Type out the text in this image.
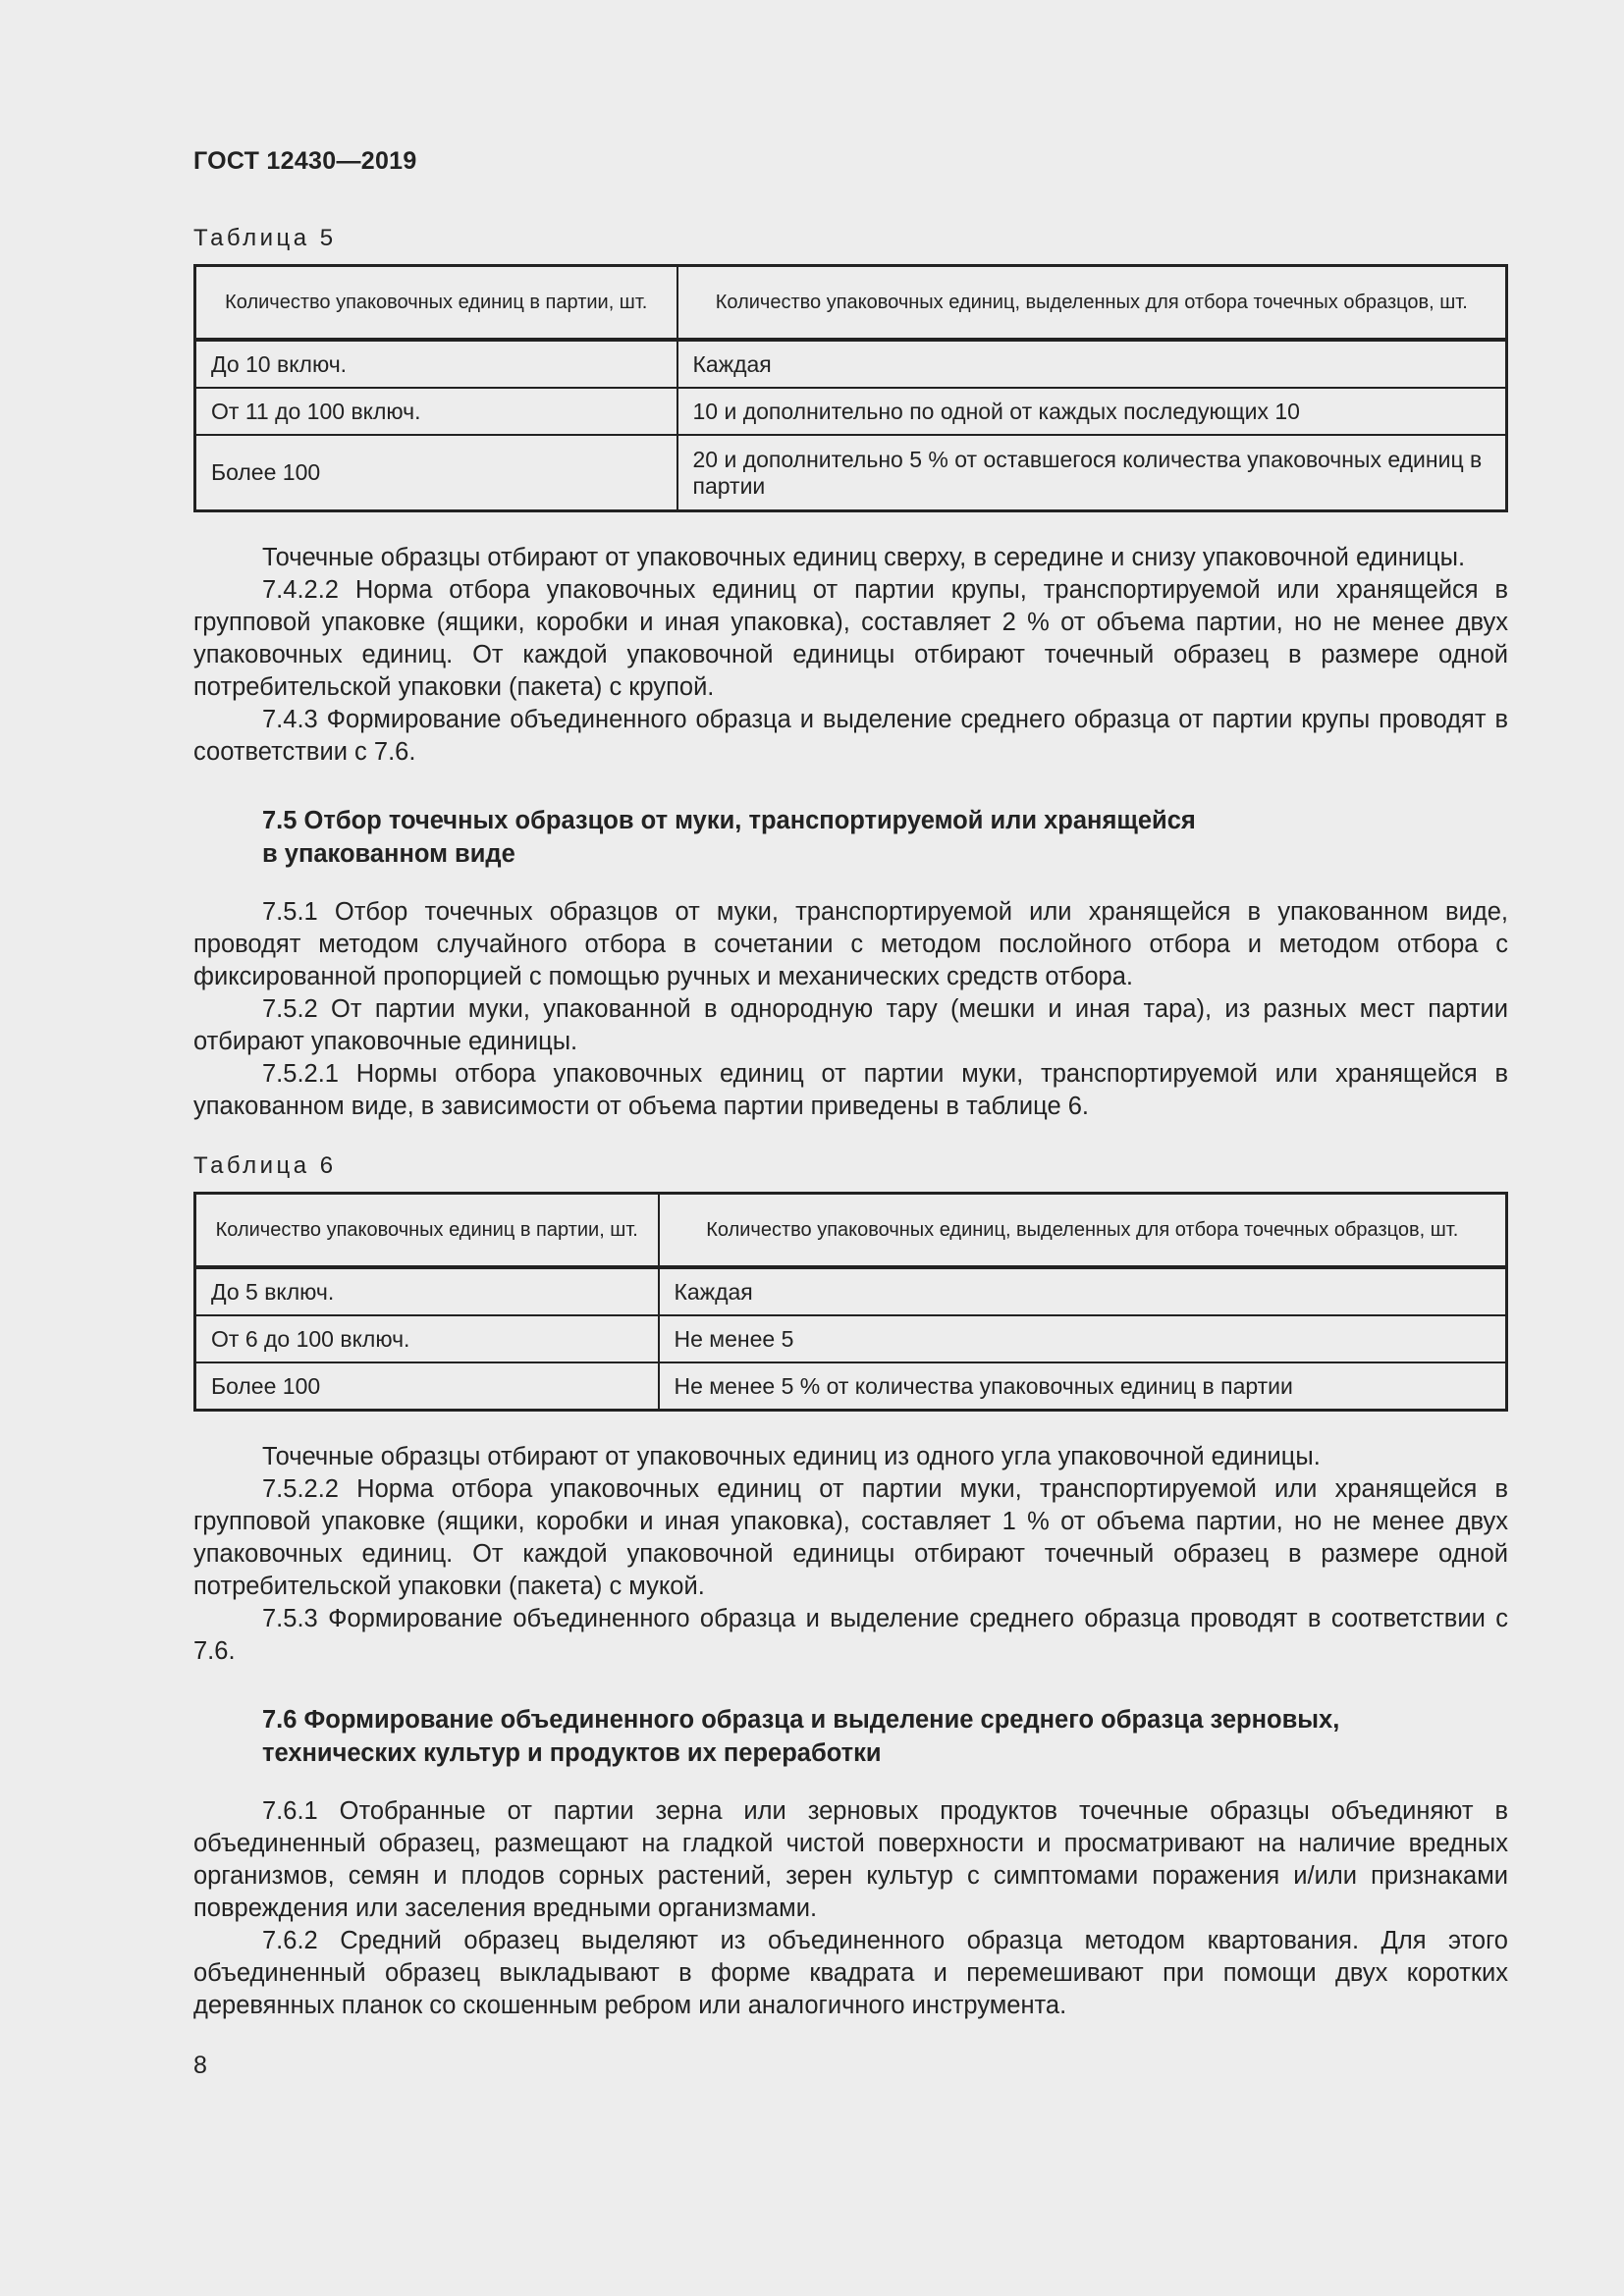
ГОСТ 12430—2019
Таблица 5
Количество упаковочных единиц в партии, шт.	Количество упаковочных единиц, выделенных для отбора точечных образцов, шт.
До 10 включ.	Каждая
От 11 до 100 включ.	10 и дополнительно по одной от каждых последующих 10
Более 100	20 и дополнительно 5 % от оставшегося количества упаковочных единиц в партии

Точечные образцы отбирают от упаковочных единиц сверху, в середине и снизу упаковочной единицы.

7.4.2.2 Норма отбора упаковочных единиц от партии крупы, транспортируемой или хранящейся в групповой упаковке (ящики, коробки и иная упаковка), составляет 2 % от объема партии, но не менее двух упаковочных единиц. От каждой упаковочной единицы отбирают точечный образец в размере одной потребительской упаковки (пакета) с крупой.

7.4.3 Формирование объединенного образца и выделение среднего образца от партии крупы проводят в соответствии с 7.6.

7.5 Отбор точечных образцов от муки, транспортируемой или хранящейся
в упакованном виде

7.5.1 Отбор точечных образцов от муки, транспортируемой или хранящейся в упакованном виде, проводят методом случайного отбора в сочетании с методом послойного отбора и методом отбора с фиксированной пропорцией с помощью ручных и механических средств отбора.

7.5.2 От партии муки, упакованной в однородную тару (мешки и иная тара), из разных мест партии отбирают упаковочные единицы.

7.5.2.1 Нормы отбора упаковочных единиц от партии муки, транспортируемой или хранящейся в упакованном виде, в зависимости от объема партии приведены в таблице 6.

Таблица 6
Количество упаковочных единиц в партии, шт.	Количество упаковочных единиц, выделенных для отбора точечных образцов, шт.
До 5 включ.	Каждая
От 6 до 100 включ.	Не менее 5
Более 100	Не менее 5 % от количества упаковочных единиц в партии

Точечные образцы отбирают от упаковочных единиц из одного угла упаковочной единицы.

7.5.2.2 Норма отбора упаковочных единиц от партии муки, транспортируемой или хранящейся в групповой упаковке (ящики, коробки и иная упаковка), составляет 1 % от объема партии, но не менее двух упаковочных единиц. От каждой упаковочной единицы отбирают точечный образец в размере одной потребительской упаковки (пакета) с мукой.

7.5.3 Формирование объединенного образца и выделение среднего образца проводят в соответствии с 7.6.

7.6 Формирование объединенного образца и выделение среднего образца зерновых,
технических культур и продуктов их переработки

7.6.1 Отобранные от партии зерна или зерновых продуктов точечные образцы объединяют в объединенный образец, размещают на гладкой чистой поверхности и просматривают на наличие вредных организмов, семян и плодов сорных растений, зерен культур с симптомами поражения и/или признаками повреждения или заселения вредными организмами.

7.6.2 Средний образец выделяют из объединенного образца методом квартования. Для этого объединенный образец выкладывают в форме квадрата и перемешивают при помощи двух коротких деревянных планок со скошенным ребром или аналогичного инструмента.

8
